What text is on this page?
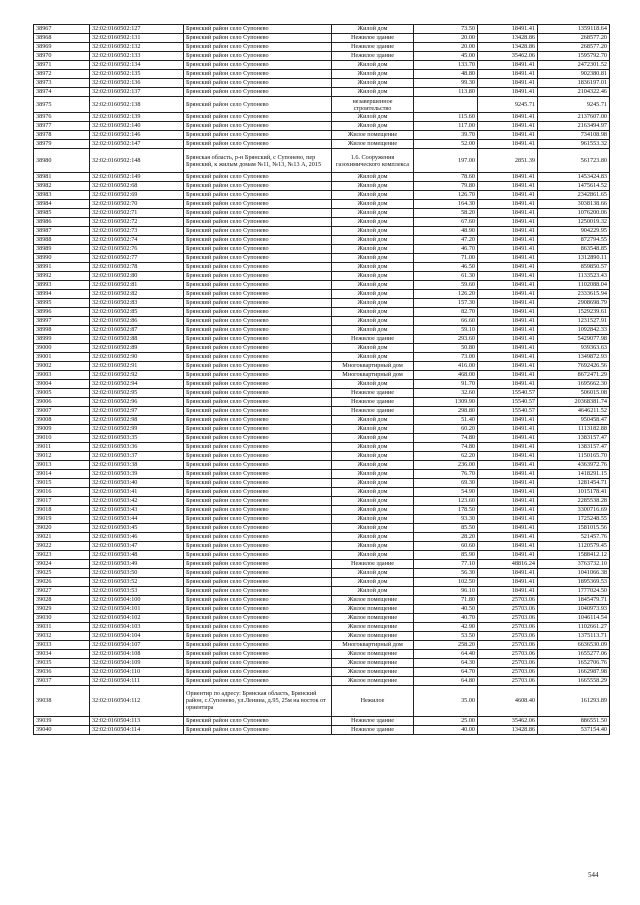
38967	32:02:0160502:127	Брянский район село Супонево	Жилой дом	73.50	18491.41	1359118.64
38968	32:02:0160502:131	Брянский район село Супонево	Нежилое здание	20.00	13428.86	268577.20
38969	32:02:0160502:132	Брянский район село Супонево	Нежилое здание	20.00	13428.86	268577.20
38970	32:02:0160502:133	Брянский район село Супонево	Нежилое здание	45.00	35462.06	1595792.70
38971	32:02:0160502:134	Брянский район село Супонево	Жилой дом	133.70	18491.41	2472301.52
38972	32:02:0160502:135	Брянский район село Супонево	Жилой дом	48.80	18491.41	902380.81
38973	32:02:0160502:136	Брянский район село Супонево	Жилой дом	99.30	18491.41	1836197.01
38974	32:02:0160502:137	Брянский район село Супонево	Жилой дом	113.80	18491.41	2104322.46
38975	32:02:0160502:138	Брянский район село Супонево	незавершенное строительство		9245.71	9245.71
38976	32:02:0160502:139	Брянский район село Супонево	Жилой дом	115.60	18491.41	2137607.00
38977	32:02:0160502:140	Брянский район село Супонево	Жилой дом	117.00	18491.41	2163494.97
38978	32:02:0160502:146	Брянский район село Супонево	Жилое помещение	39.70	18491.41	734108.98
38979	32:02:0160502:147	Брянский район село Супонево	Жилое помещение	52.00	18491.41	961553.32
38980	32:02:0160502:148	Брянская область, р-н Брянский, с Супонево, пер Брянский, к жилым домам №11, №13, №13 А, 2015	1.6. Сооружения газохимического комплекса	197.00	2851.39	561723.80
38981	32:02:0160502:149	Брянский район село Супонево	Жилой дом	78.60	18491.41	1453424.83
38982	32:02:0160502:68	Брянский район село Супонево	Жилой дом	79.80	18491.41	1475614.52
38983	32:02:0160502:69	Брянский район село Супонево	Жилой дом	126.70	18491.41	2342861.65
38984	32:02:0160502:70	Брянский район село Супонево	Жилой дом	164.30	18491.41	3038138.66
38985	32:02:0160502:71	Брянский район село Супонево	Жилой дом	58.20	18491.41	1076200.06
38986	32:02:0160502:72	Брянский район село Супонево	Жилой дом	67.60	18491.41	1250019.32
38987	32:02:0160502:73	Брянский район село Супонево	Жилой дом	48.90	18491.41	904229.95
38988	32:02:0160502:74	Брянский район село Супонево	Жилой дом	47.20	18491.41	872794.55
38989	32:02:0160502:76	Брянский район село Супонево	Жилой дом	46.70	18491.41	863548.85
38990	32:02:0160502:77	Брянский район село Супонево	Жилой дом	71.00	18491.41	1312890.11
38991	32:02:0160502:78	Брянский район село Супонево	Жилой дом	46.50	18491.41	859850.57
38992	32:02:0160502:80	Брянский район село Супонево	Жилой дом	61.30	18491.41	1133523.43
38993	32:02:0160502:81	Брянский район село Супонево	Жилой дом	59.60	18491.41	1102088.04
38994	32:02:0160502:82	Брянский район село Супонево	Жилой дом	126.20	18491.41	2333615.94
38995	32:02:0160502:83	Брянский район село Супонево	Жилой дом	157.30	18491.41	2908698.79
38996	32:02:0160502:85	Брянский район село Супонево	Жилой дом	82.70	18491.41	1529239.61
38997	32:02:0160502:86	Брянский район село Супонево	Жилой дом	66.60	18491.41	1231527.91
38998	32:02:0160502:87	Брянский район село Супонево	Жилой дом	59.10	18491.41	1092842.33
38999	32:02:0160502:88	Брянский район село Супонево	Нежилое здание	293.60	18491.41	5429077.98
39000	32:02:0160502:89	Брянский район село Супонево	Жилой дом	50.80	18491.41	939363.63
39001	32:02:0160502:90	Брянский район село Супонево	Жилой дом	73.00	18491.41	1349872.93
39002	32:02:0160502:91	Брянский район село Супонево	Многоквартирный дом	416.00	18491.41	7692426.56
39003	32:02:0160502:92	Брянский район село Супонево	Многоквартирный дом	468.00	18491.41	8672471.29
39004	32:02:0160502:94	Брянский район село Супонево	Жилой дом	91.70	18491.41	1695662.30
39005	32:02:0160502:95	Брянский район село Супонево	Нежилое здание	32.60	15540.57	506015.08
39006	32:02:0160502:96	Брянский район село Супонево	Нежилое здание	1309.90	15540.57	20368381.74
39007	32:02:0160502:97	Брянский район село Супонево	Нежилое здание	298.80	15540.57	4646211.52
39008	32:02:0160502:98	Брянский район село Супонево	Жилой дом	51.40	18491.41	950458.47
39009	32:02:0160502:99	Брянский район село Супонево	Жилой дом	60.20	18491.41	1113182.88
39010	32:02:0160503:35	Брянский район село Супонево	Жилой дом	74.80	18491.41	1383157.47
39011	32:02:0160503:36	Брянский район село Супонево	Жилой дом	74.80	18491.41	1383157.47
39012	32:02:0160503:37	Брянский район село Супонево	Жилой дом	62.20	18491.41	1150165.70
39013	32:02:0160503:38	Брянский район село Супонево	Жилой дом	236.00	18491.41	4363972.76
39014	32:02:0160503:39	Брянский район село Супонево	Жилой дом	76.70	18491.41	1418291.15
39015	32:02:0160503:40	Брянский район село Супонево	Жилой дом	69.30	18491.41	1281454.71
39016	32:02:0160503:41	Брянский район село Супонево	Жилой дом	54.90	18491.41	1015178.41
39017	32:02:0160503:42	Брянский район село Супонево	Жилой дом	123.60	18491.41	2285538.28
39018	32:02:0160503:43	Брянский район село Супонево	Жилой дом	178.50	18491.41	3300716.69
39019	32:02:0160503:44	Брянский район село Супонево	Жилой дом	93.30	18491.41	1725248.55
39020	32:02:0160503:45	Брянский район село Супонево	Жилой дом	85.50	18491.41	1581015.56
39021	32:02:0160503:46	Брянский район село Супонево	Жилой дом	28.20	18491.41	521457.76
39022	32:02:0160503:47	Брянский район село Супонево	Жилой дом	60.60	18491.41	1120579.45
39023	32:02:0160503:48	Брянский район село Супонево	Жилой дом	85.90	18491.41	1588412.12
39024	32:02:0160503:49	Брянский район село Супонево	Нежилое здание	77.10	48816.24	3763732.10
39025	32:02:0160503:50	Брянский район село Супонево	Жилой дом	56.30	18491.41	1041066.38
39026	32:02:0160503:52	Брянский район село Супонево	Жилой дом	102.50	18491.41	1895369.53
39027	32:02:0160503:53	Брянский район село Супонево	Жилой дом	96.10	18491.41	1777024.50
39028	32:02:0160504:100	Брянский район село Супонево	Жилое помещение	71.80	25703.06	1845479.71
39029	32:02:0160504:101	Брянский район село Супонево	Жилое помещение	40.50	25703.06	1040973.93
39030	32:02:0160504:102	Брянский район село Супонево	Жилое помещение	40.70	25703.06	1046114.54
39031	32:02:0160504:103	Брянский район село Супонево	Жилое помещение	42.90	25703.06	1102661.27
39032	32:02:0160504:104	Брянский район село Супонево	Жилое помещение	53.50	25703.06	1375113.71
39033	32:02:0160504:107	Брянский район село Супонево	Многоквартирный дом	258.20	25703.06	6636530.09
39034	32:02:0160504:108	Брянский район село Супонево	Жилое помещение	64.40	25703.06	1655277.06
39035	32:02:0160504:109	Брянский район село Супонево	Жилое помещение	64.30	25703.06	1652706.76
39036	32:02:0160504:110	Брянский район село Супонево	Жилое помещение	64.70	25703.06	1662987.98
39037	32:02:0160504:111	Брянский район село Супонево	Жилое помещение	64.80	25703.06	1665558.29
39038	32:02:0160504:112	Ориентир по адресу: Брянская область, Брянский район, с.Супонево, ул.Ленина, д.95, 25м на восток от ориентира	Нежилое	35.00	4608.40	161293.89
39039	32:02:0160504:113	Брянский район село Супонево	Нежилое здание	25.00	35462.06	886551.50
39040	32:02:0160504:114	Брянский район село Супонево	Нежилое здание	40.00	13428.86	537154.40
544
